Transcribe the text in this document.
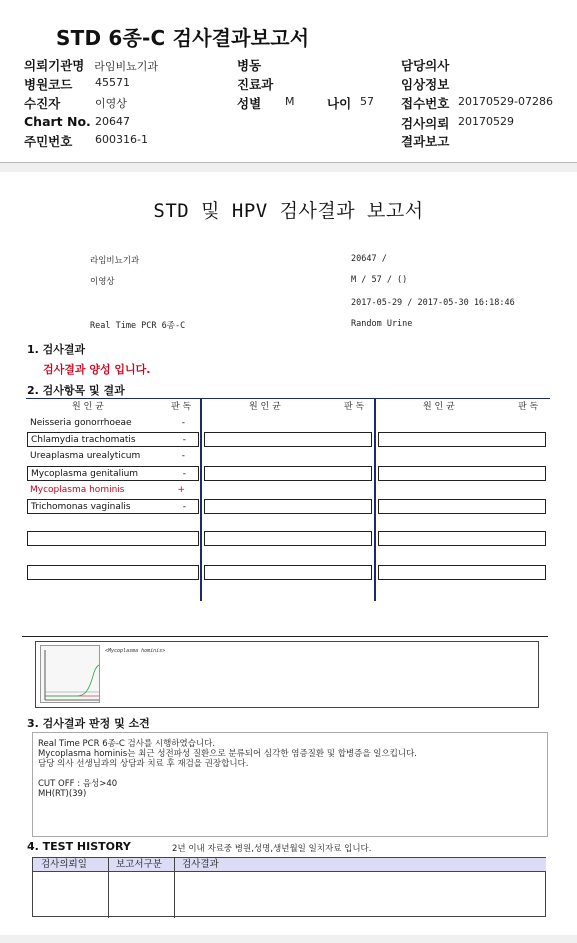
STD 6종-C 검사결과보고서
의뢰기관명 라임비뇨기과
병원코드 45571
수진자	이영상
Chart No. 20647
주민번호 600316-1
병동
진료과
성별 M	나이 57
담당의사
임상정보
접수번호 20170529-07286
검사의뢰 20170529
결과보고
STD 및 HPV 검사결과 보고서
라임비뇨기과	20647 /
이영상	M / 57 / ()
2017-05-29 / 2017-05-30 16:18:46
Real Time PCR 6종-C	Random Urine
1. 검사결과
검사결과 양성 입니다.
2. 검사항목 및 결과
원 인 균	판 독	원 인 균	판 독	원 인 균	판 독
Neisseria gonorrhoeae	-
Chlamydia trachomatis	-
Ureaplasma urealyticum	-
Mycoplasma genitalium	-
Mycoplasma hominis	+
Trichomonas vaginalis	-
<Mycoplasma hominis>
3. 검사결과 판정 및 소견
Real Time PCR 6종-C 검사를 시행하였습니다.
Mycoplasma hominis는 최근 성전파성 질환으로 분류되어 심각한 염증질환 및 합병증을 일으킵니다.
담당 의사 선생님과의 상담과 치료 후 재검을 권장합니다.
CUT OFF : 음성>40
MH(RT)(39)
4. TEST HISTORY	2년 이내 자료중 병원,성명,생년월일 일치자료 입니다.
검사의뢰일	보고서구분	검사결과
